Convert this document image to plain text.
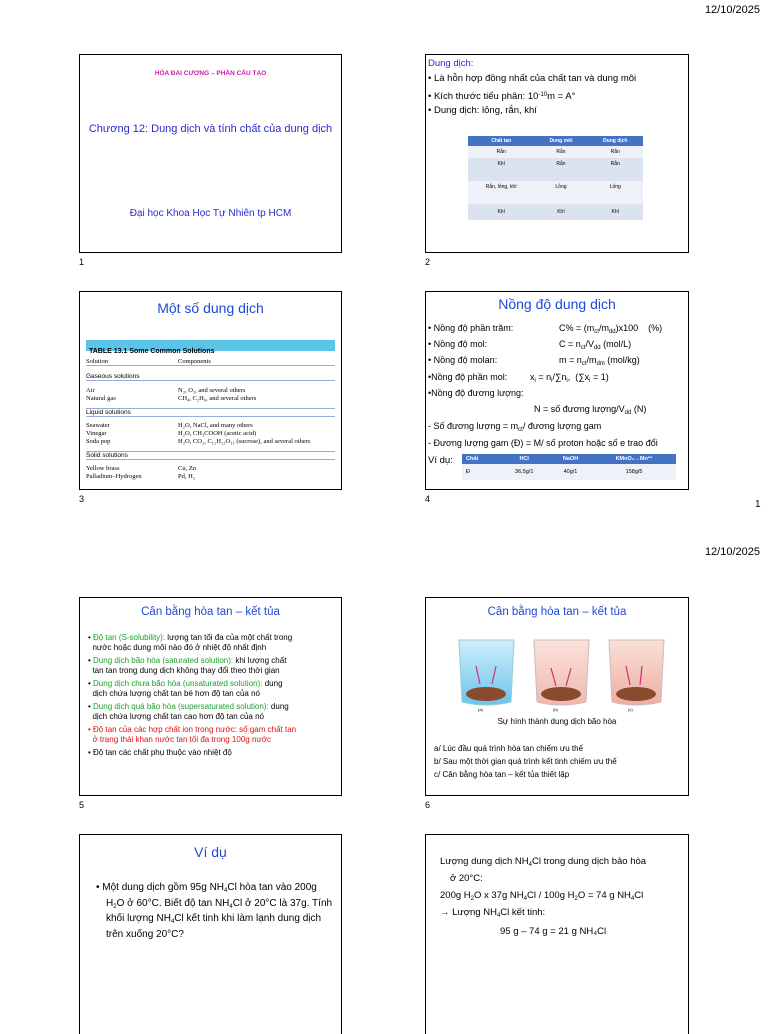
12/10/2025
HÓA ĐẠI CƯƠNG – PHẦN CẤU TẠO
Chương 12: Dung dịch và tính chất của dung dịch
Đại học Khoa Học Tự Nhiên tp HCM
1
Dung dịch:
• Là hỗn hợp đồng nhất của chất tan và dung môi
• Kích thước tiểu phân: $10^{-10}m = A^\circ$
• Dung dịch: lỏng, rắn, khí
Chất tan	Dung môi	Dung dịch
Rắn	Rắn	Rắn
Khí	Rắn	Rắn
Rắn, lỏng, khí	Lỏng	Lỏng
Khí	Khí	Khí
2
Một số dung dịch
TABLE 13.1 Some Common Solutions
Solution	Components
Gaseous solutions
Air	N₂, O₂, and several others
Natural gas	CH₄, C₂H₆, and several others
Liquid solutions
Seawater	H₂O, NaCl, and many others
Vinegar	H₂O, CH₃COOH (acetic acid)
Soda pop	H₂O, CO₂, C₁₂H₂₂O₁₁ (sucrose), and several others
Solid solutions
Yellow brass	Cu, Zn
Palladium–Hydrogen	Pd, H₂
3
Nồng độ dung dịch
• Nồng độ phần trăm:	$C\% = (m_{ct}/m_{dd})x100$    (%)
• Nồng độ mol:	$C = n_{ct}/V_{dd}$ (mol/L)
• Nồng độ molan:	$m = n_{ct}/m_{dm}$ (mol/kg)
•Nồng độ phần mol:	$x_i = n_i/\sum n_i$,  $(\sum x_i = 1)$
•Nồng độ đương lượng:
N = số đương lượng/$V_{dd}$ (N)
- Số đương lượng = $m_{ct}/$ đương lượng gam
- Đương lượng gam (Đ) = M/ số proton hoặc số e trao đổi
Ví dụ: Chất	HCl	NaOH	KMnO₄→Mn²⁺
Đ	36,5g/1	40g/1	158g/5
4	1
12/10/2025
Cân bằng hòa tan – kết tủa
• Độ tan (S-solubility): lượng tan tối đa của một chất trong
nước hoặc dung môi nào đó ở nhiệt độ nhất định
• Dung dịch bão hòa (saturated solution): khi lượng chất
tan tan trong dung dịch không thay đổi theo thời gian
• Dung dịch chưa bão hòa (unsaturated solution): dung
dịch chứa lượng chất tan bé hơn độ tan của nó
• Dung dịch quá bão hòa (supersaturated solution): dung
dịch chứa lượng chất tan cao hơn độ tan của nó
• Độ tan của các hợp chất ion trong nước: số gam chất tan
ở trạng thái khan nước tan tối đa trong 100g nước
• Độ tan các chất phụ thuộc vào nhiệt độ
5
Cân bằng hòa tan – kết tủa
(a)	(b)	(c)
Sự hình thành dung dịch bão hòa
a/ Lúc đầu quá trình hòa tan chiếm ưu thế
b/ Sau một thời gian quá trình kết tinh chiếm ưu thế
c/ Cân bằng hòa tan – kết tủa thiết lập
6
Ví dụ
• Một dung dịch gồm 95g $NH_4Cl$ hòa tan vào 200g $H_2O$ ở 60°C. Biết độ $\tan NH_4Cl$ ở 20°C là 37g. Tính khối lượng $NH_4Cl$ kết tinh khi làm lạnh dung dịch trên xuống 20°C?
Lượng dung dịch $NH_4Cl$ trong dung dịch bảo hòa
ở 20°C:
200g $H_2O$ x 37g $NH_4Cl / 100g$ $H_2O = 74$ g $NH_4Cl$
→ Lượng $NH_4Cl$ kết tinh:
95 g – 74 g = 21 g NH₄Cl
